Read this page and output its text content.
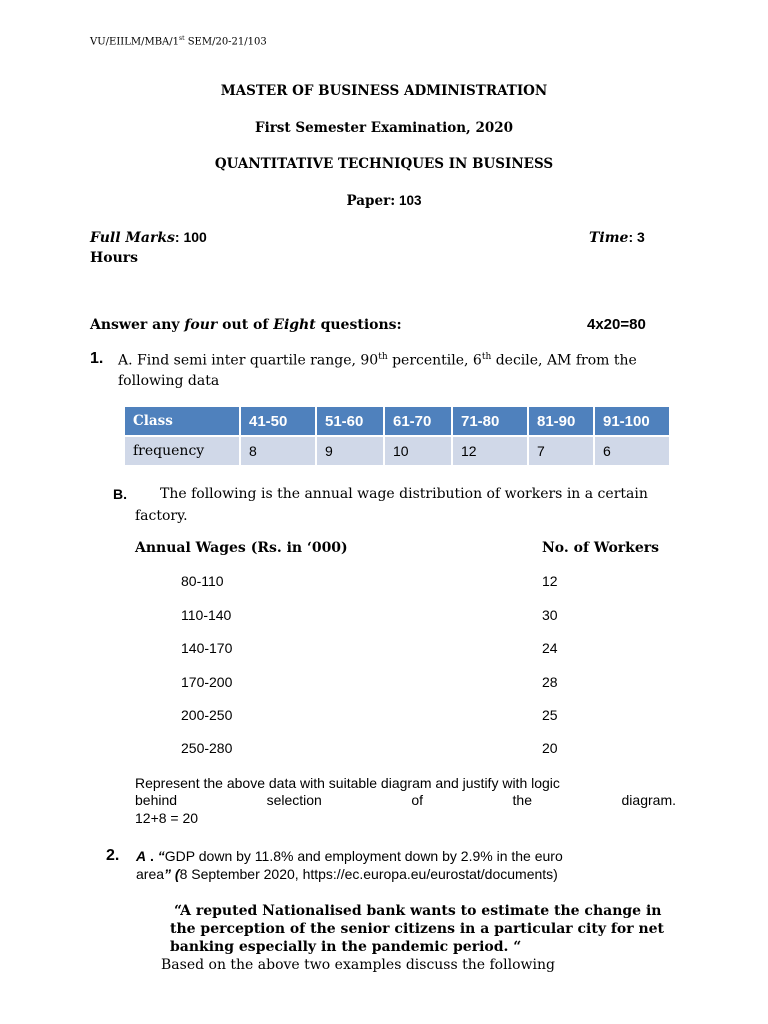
VU/EIILM/MBA/1st SEM/20-21/103
MASTER OF BUSINESS ADMINISTRATION
First Semester Examination, 2020
QUANTITATIVE TECHNIQUES IN BUSINESS
Paper: 103
Full Marks: 100	Time: 3
Hours
Answer any four out of Eight questions:	4x20=80
1. A. Find semi inter quartile range, 90th percentile, 6th decile, AM from the
following data
Class	41-50	51-60	61-70	71-80	81-90	91-100
frequency	8	9	10	12	7	6
B. The following is the annual wage distribution of workers in a certain
factory.
Annual Wages (Rs. in ‘000)	No. of Workers
80-110	12
110-140	30
140-170	24
170-200	28
200-250	25
250-280	20
Represent the above data with suitable diagram and justify with logic
behind selection of the diagram.
12+8 = 20
2. A . “GDP down by 11.8% and employment down by 2.9% in the euro
area” (8 September 2020, https://ec.europa.eu/eurostat/documents)
“A reputed Nationalised bank wants to estimate the change in
the perception of the senior citizens in a particular city for net
banking especially in the pandemic period. “
Based on the above two examples discuss the following
